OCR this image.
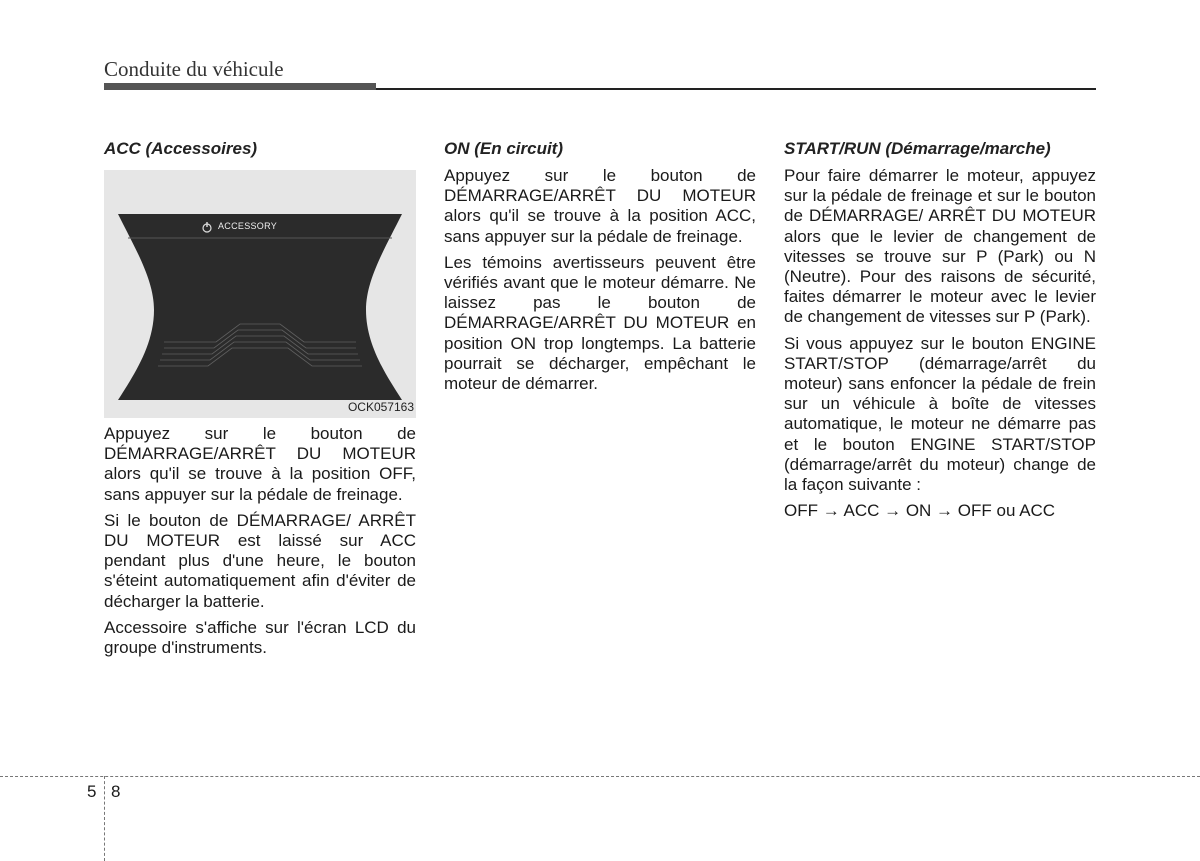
Conduite du véhicule
ACC (Accessoires)
ACCESSORY
OCK057163

Appuyez sur le bouton de DÉMARRAGE/ARRÊT DU MOTEUR alors qu'il se trouve à la position OFF, sans appuyer sur la pédale de freinage.

Si le bouton de DÉMARRAGE/ ARRÊT DU MOTEUR est laissé sur ACC pendant plus d'une heure, le bouton s'éteint automatiquement afin d'éviter de décharger la batterie.

Accessoire s'affiche sur l'écran LCD du groupe d'instruments.

ON (En circuit)

Appuyez sur le bouton de DÉMARRAGE/ARRÊT DU MOTEUR alors qu'il se trouve à la position ACC, sans appuyer sur la pédale de freinage.

Les témoins avertisseurs peuvent être vérifiés avant que le moteur démarre. Ne laissez pas le bouton de DÉMARRAGE/ARRÊT DU MOTEUR en position ON trop longtemps. La batterie pourrait se décharger, empêchant le moteur de démarrer.

START/RUN (Démarrage/marche)

Pour faire démarrer le moteur, appuyez sur la pédale de freinage et sur le bouton de DÉMARRAGE/ ARRÊT DU MOTEUR alors que le levier de changement de vitesses se trouve sur P (Park) ou N (Neutre). Pour des raisons de sécurité, faites démarrer le moteur avec le levier de changement de vitesses sur P (Park).

Si vous appuyez sur le bouton ENGINE START/STOP (démarrage/arrêt du moteur) sans enfoncer la pédale de frein sur un véhicule à boîte de vitesses automatique, le moteur ne démarre pas et le bouton ENGINE START/STOP (démarrage/arrêt du moteur) change de la façon suivante :

OFF → ACC → ON → OFF ou ACC

5 8
